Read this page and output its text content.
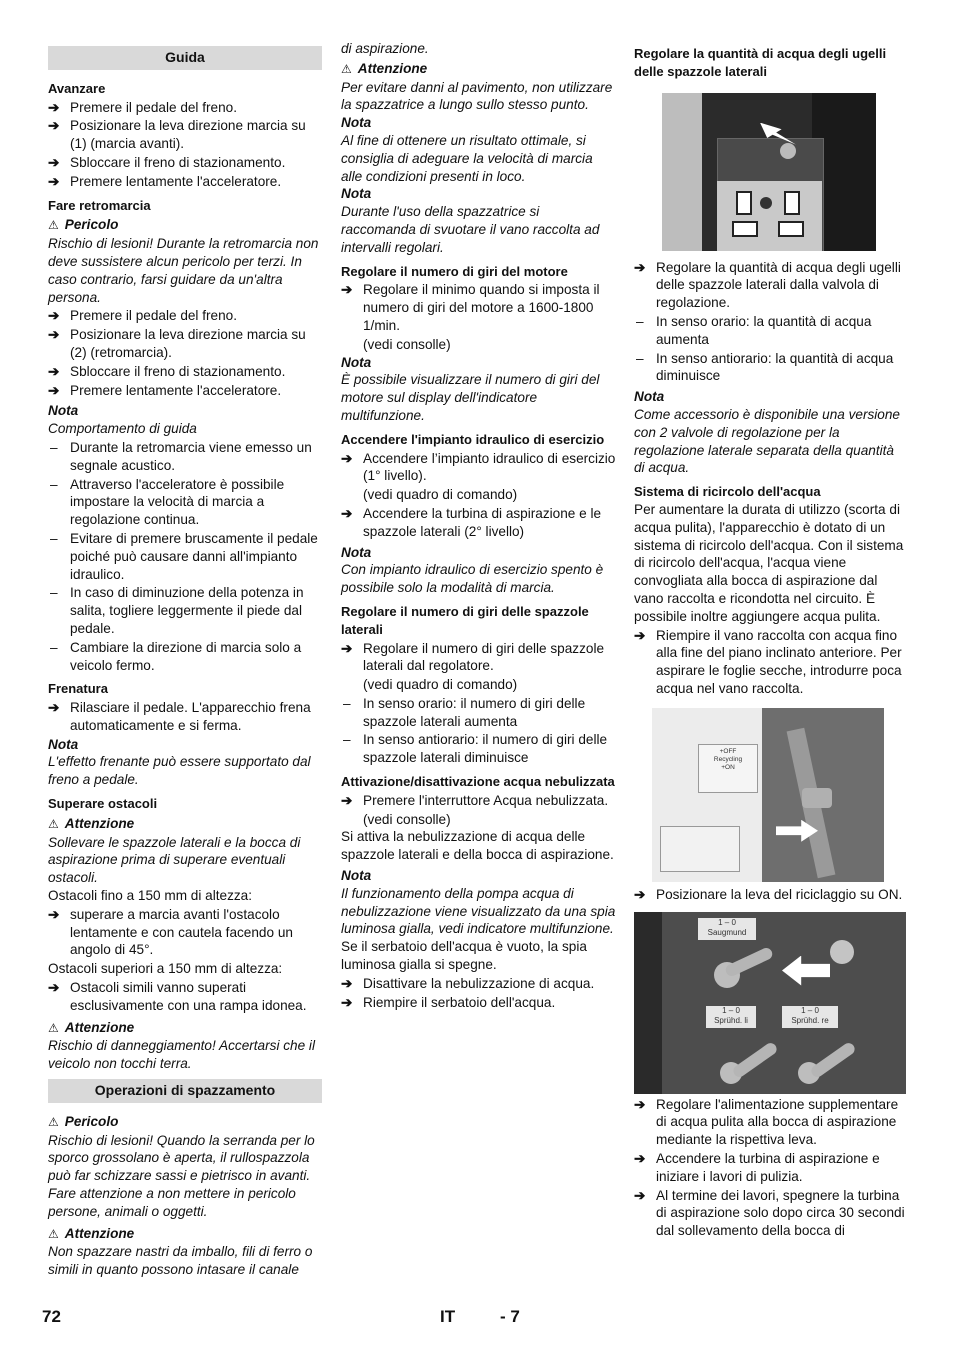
Guida
Avanzare
➔ Premere il pedale del freno.
➔ Posizionare la leva direzione marcia su (1) (marcia avanti).
➔ Sbloccare il freno di stazionamento.
➔ Premere lentamente l'acceleratore.
Fare retromarcia
⚠ Pericolo
Rischio di lesioni! Durante la retromarcia non deve sussistere alcun pericolo per terzi. In caso contrario, farsi guidare da un'altra persona.
➔ Premere il pedale del freno.
➔ Posizionare la leva direzione marcia su (2) (retromarcia).
➔ Sbloccare il freno di stazionamento.
➔ Premere lentamente l'acceleratore.
Nota
Comportamento di guida
– Durante la retromarcia viene emesso un segnale acustico.
– Attraverso l'acceleratore è possibile impostare la velocità di marcia a regolazione continua.
– Evitare di premere bruscamente il pedale poiché può causare danni all'impianto idraulico.
– In caso di diminuzione della potenza in salita, togliere leggermente il piede dal pedale.
– Cambiare la direzione di marcia solo a veicolo fermo.
Frenatura
➔ Rilasciare il pedale. L'apparecchio frena automaticamente e si ferma.
Nota
L'effetto frenante può essere supportato dal freno a pedale.
Superare ostacoli
⚠ Attenzione
Sollevare le spazzole laterali e la bocca di aspirazione prima di superare eventuali ostacoli.
Ostacoli fino a 150 mm di altezza:
➔ superare a marcia avanti l'ostacolo lentamente e con cautela facendo un angolo di 45°.
Ostacoli superiori a 150 mm di altezza:
➔ Ostacoli simili vanno superati esclusivamente con una rampa idonea.
⚠ Attenzione
Rischio di danneggiamento! Accertarsi che il veicolo non tocchi terra.
Operazioni di spazzamento
⚠ Pericolo
Rischio di lesioni! Quando la serranda per lo sporco grossolano è aperta, il rullospazzola può far schizzare sassi e pietrisco in avanti. Fare attenzione a non mettere in pericolo persone, animali o oggetti.
⚠ Attenzione
Non spazzare nastri da imballo, fili di ferro o simili in quanto possono intasare il canale
di aspirazione.
⚠ Attenzione
Per evitare danni al pavimento, non utilizzare la spazzatrice a lungo sullo stesso punto.
Nota
Al fine di ottenere un risultato ottimale, si consiglia di adeguare la velocità di marcia alle condizioni presenti in loco.
Nota
Durante l'uso della spazzatrice si raccomanda di svuotare il vano raccolta ad intervalli regolari.
Regolare il numero di giri del motore
➔ Regolare il minimo quando si imposta il numero di giri del motore a 1600-1800 1/min.
(vedi consolle)
Nota
È possibile visualizzare il numero di giri del motore sul display dell'indicatore multifunzione.
Accendere l'impianto idraulico di esercizio
➔ Accendere l’impianto idraulico di esercizio (1° livello).
(vedi quadro di comando)
➔ Accendere la turbina di aspirazione e le spazzole laterali (2° livello)
Nota
Con impianto idraulico di esercizio spento è possibile solo la modalità di marcia.
Regolare il numero di giri delle spazzole laterali
➔ Regolare il numero di giri delle spazzole laterali dal regolatore.
(vedi quadro di comando)
– In senso orario: il numero di giri delle spazzole laterali aumenta
– In senso antiorario: il numero di giri delle spazzole laterali diminuisce
Attivazione/disattivazione acqua nebulizzata
➔ Premere l'interruttore Acqua nebulizzata.
(vedi consolle)
Si attiva la nebulizzazione di acqua delle spazzole laterali e della bocca di aspirazione.
Nota
Il funzionamento della pompa acqua di nebulizzazione viene visualizzato da una spia luminosa gialla, vedi indicatore multifunzione.
Se il serbatoio dell'acqua è vuoto, la spia luminosa gialla si spegne.
➔ Disattivare la nebulizzazione di acqua.
➔ Riempire il serbatoio dell'acqua.
Regolare la quantità di acqua degli ugelli delle spazzole laterali
➔ Regolare la quantità di acqua degli ugelli delle spazzole laterali dalla valvola di regolazione.
– In senso orario: la quantità di acqua aumenta
– In senso antiorario: la quantità di acqua diminuisce
Nota
Come accessorio è disponibile una versione con 2 valvole di regolazione per la regolazione laterale separata della quantità di acqua.
Sistema di ricircolo dell'acqua
Per aumentare la durata di utilizzo (scorta di acqua pulita), l'apparecchio è dotato di un sistema di ricircolo dell'acqua. Con il sistema di ricircolo dell'acqua, l'acqua viene convogliata alla bocca di aspirazione dal vano raccolta e ricondotta nel circuito. È possibile inoltre aggiungere acqua pulita.
➔ Riempire il vano raccolta con acqua fino alla fine del piano inclinato anteriore. Per aspirare le foglie secche, introdurre poca acqua nel vano raccolta.
+OFF
Recycling
+ON
➔ Posizionare la leva del riciclaggio su ON.
1 – 0
Saugmund
1 – 0
Sprühd. li
1 – 0
Sprühd. re
➔ Regolare l'alimentazione supplementare di acqua pulita alla bocca di aspirazione mediante la rispettiva leva.
➔ Accendere la turbina di aspirazione e iniziare i lavori di pulizia.
➔ Al termine dei lavori, spegnere la turbina di aspirazione solo dopo circa 30 secondi dal sollevamento della bocca di
72	IT	- 7
